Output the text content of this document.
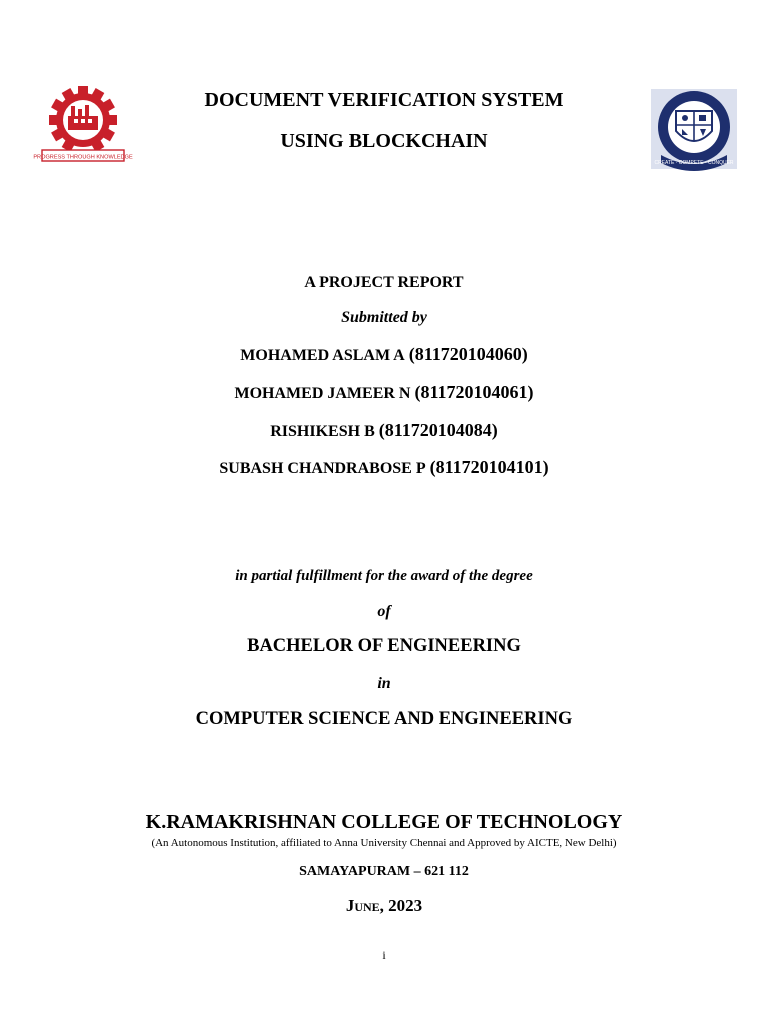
PROGRESS THROUGH KNOWLEDGE
CREATE · COMPETE · CONQUER
DOCUMENT VERIFICATION SYSTEM
USING BLOCKCHAIN
A PROJECT REPORT
Submitted by
MOHAMED ASLAM A (811720104060)
MOHAMED JAMEER N (811720104061)
RISHIKESH B (811720104084)
SUBASH CHANDRABOSE P (811720104101)
in partial fulfillment for the award of the degree
of
BACHELOR OF ENGINEERING
in
COMPUTER SCIENCE AND ENGINEERING
K.RAMAKRISHNAN COLLEGE OF TECHNOLOGY
(An Autonomous Institution, affiliated to Anna University Chennai and Approved by AICTE, New Delhi)
SAMAYAPURAM – 621 112
June, 2023
i
